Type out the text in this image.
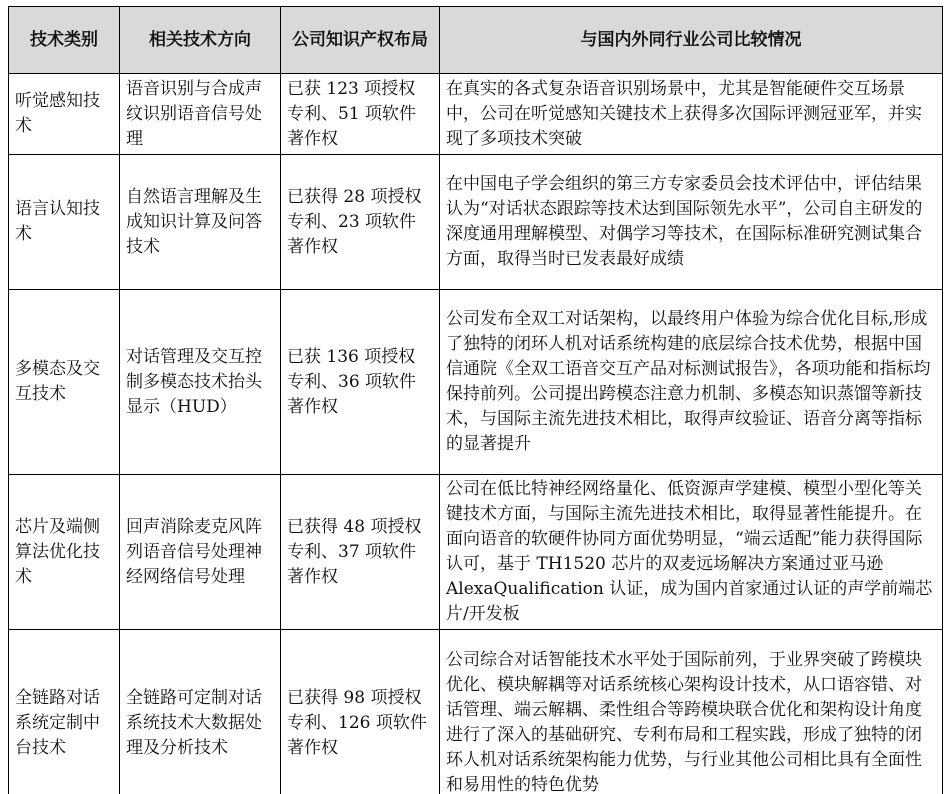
技术类别	相关技术方向	公司知识产权布局	与国内外同行业公司比较情况
听觉感知技术	语音识别与合成声纹识别语音信号处理	已获 123 项授权专利、51 项软件著作权	在真实的各式复杂语音识别场景中，尤其是智能硬件交互场景中，公司在听觉感知关键技术上获得多次国际评测冠亚军，并实现了多项技术突破
语言认知技术	自然语言理解及生成知识计算及问答技术	已获得 28 项授权专利、23 项软件著作权	在中国电子学会组织的第三方专家委员会技术评估中，评估结果认为“对话状态跟踪等技术达到国际领先水平”，公司自主研发的深度通用理解模型、对偶学习等技术，在国际标准研究测试集合方面，取得当时已发表最好成绩
多模态及交互技术	对话管理及交互控制多模态技术抬头显示（HUD）	已获 136 项授权专利、36 项软件著作权	公司发布全双工对话架构，以最终用户体验为综合优化目标,形成了独特的闭环人机对话系统构建的底层综合技术优势，根据中国信通院《全双工语音交互产品对标测试报告》，各项功能和指标均保持前列。公司提出跨模态注意力机制、多模态知识蒸馏等新技术，与国际主流先进技术相比，取得声纹验证、语音分离等指标的显著提升
芯片及端侧算法优化技术	回声消除麦克风阵列语音信号处理神经网络信号处理	已获得 48 项授权专利、37 项软件著作权	公司在低比特神经网络量化、低资源声学建模、模型小型化等关键技术方面，与国际主流先进技术相比，取得显著性能提升。在面向语音的软硬件协同方面优势明显，“端云适配”能力获得国际认可，基于 TH1520 芯片的双麦远场解决方案通过亚马逊 AlexaQualification 认证，成为国内首家通过认证的声学前端芯片/开发板
全链路对话系统定制中台技术	全链路可定制对话系统技术大数据处理及分析技术	已获得 98 项授权专利、126 项软件著作权	公司综合对话智能技术水平处于国际前列，于业界突破了跨模块优化、模块解耦等对话系统核心架构设计技术，从口语容错、对话管理、端云解耦、柔性组合等跨模块联合优化和架构设计角度进行了深入的基础研究、专利布局和工程实践，形成了独特的闭环人机对话系统架构能力优势，与行业其他公司相比具有全面性和易用性的特色优势
